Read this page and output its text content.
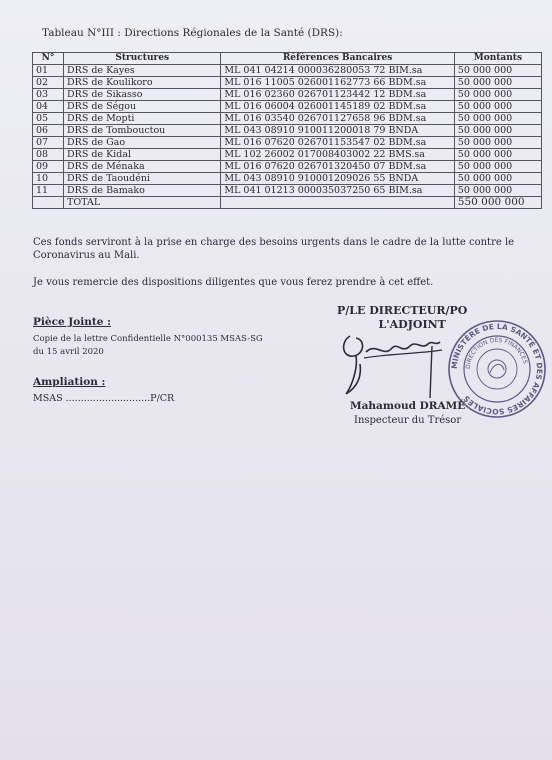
Tableau N°III : Directions Régionales de la Santé (DRS):
N°	Structures	Références Bancaires	Montants
01	DRS de Kayes	ML 041 04214 000036280053 72 BIM.sa	50 000 000
02	DRS de Koulikoro	ML 016 11005 026001162773 66 BDM.sa	50 000 000
03	DRS de Sikasso	ML 016 02360 026701123442 12 BDM.sa	50 000 000
04	DRS de Ségou	ML 016 06004 026001145189 02 BDM.sa	50 000 000
05	DRS de Mopti	ML 016 03540 026701127658 96 BDM.sa	50 000 000
06	DRS de Tombouctou	ML 043 08910 910011200018 79 BNDA	50 000 000
07	DRS de Gao	ML 016 07620 026701153547 02 BDM.sa	50 000 000
08	DRS de Kidal	ML 102 26002 017008403002 22 BMS.sa	50 000 000
09	DRS de Ménaka	ML 016 07620 026701320450 07 BDM.sa	50 000 000
10	DRS de Taoudéni	ML 043 08910 910001209026 55 BNDA	50 000 000
11	DRS de Bamako	ML 041 01213 000035037250 65 BIM.sa	50 000 000
	TOTAL		550 000 000
Ces fonds serviront à la prise en charge des besoins urgents dans le cadre de la lutte contre le Coronavirus au Mali.
Je vous remercie des dispositions diligentes que vous ferez prendre à cet effet.
Pièce Jointe :
Copie de la lettre Confidentielle N°000135 MSAS-SG
du 15 avril 2020
Ampliation :
MSAS ............................P/CR
P/LE DIRECTEUR/PO
L'ADJOINT
MINISTÈRE DE LA SANTÉ ET DES AFFAIRES SOCIALES
DIRECTION DES FINANCES
Mahamoud DRAMÉ
Inspecteur du Trésor
